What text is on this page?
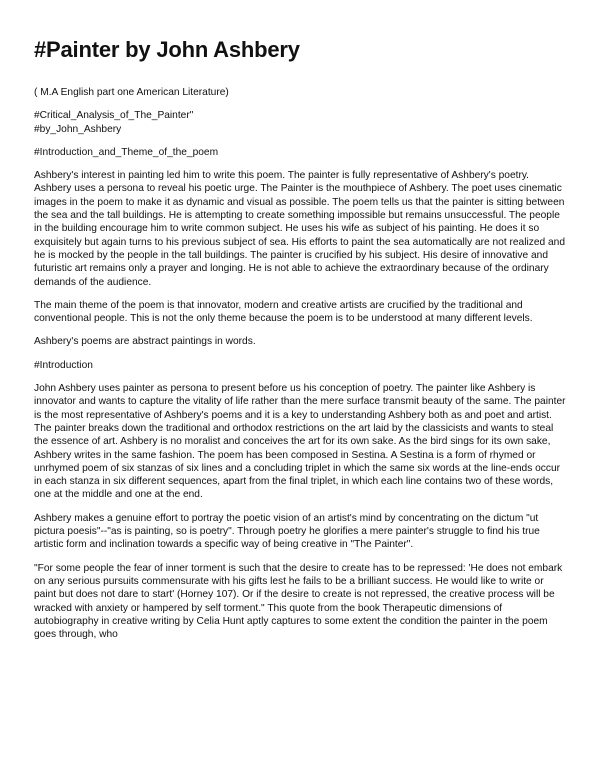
#Painter by John Ashbery

( M.A English part one American Literature)

#Critical_Analysis_of_The_Painter"

#by_John_Ashbery

#Introduction_and_Theme_of_the_poem

Ashbery's interest in painting led him to write this poem. The painter is fully representative of Ashbery's poetry. Ashbery uses a persona to reveal his poetic urge. The Painter is the mouthpiece of Ashbery. The poet uses cinematic images in the poem to make it as dynamic and visual as possible. The poem tells us that the painter is sitting between the sea and the tall buildings. He is attempting to create something impossible but remains unsuccessful. The people in the building encourage him to write common subject. He uses his wife as subject of his painting. He does it so exquisitely but again turns to his previous subject of sea. His efforts to paint the sea automatically are not realized and he is mocked by the people in the tall buildings. The painter is crucified by his subject. His desire of innovative and futuristic art remains only a prayer and longing. He is not able to achieve the extraordinary because of the ordinary demands of the audience.

The main theme of the poem is that innovator, modern and creative artists are crucified by the traditional and conventional people. This is not the only theme because the poem is to be understood at many different levels.

Ashbery's poems are abstract paintings in words.

#Introduction

John Ashbery uses painter as persona to present before us his conception of poetry. The painter like Ashbery is innovator and wants to capture the vitality of life rather than the mere surface transmit beauty of the same. The painter is the most representative of Ashbery's poems and it is a key to understanding Ashbery both as and poet and artist. The painter breaks down the traditional and orthodox restrictions on the art laid by the classicists and wants to steal the essence of art. Ashbery is no moralist and conceives the art for its own sake. As the bird sings for its own sake, Ashbery writes in the same fashion. The poem has been composed in Sestina. A Sestina is a form of rhymed or unrhymed poem of six stanzas of six lines and a concluding triplet in which the same six words at the line-ends occur in each stanza in six different sequences, apart from the final triplet, in which each line contains two of these words, one at the middle and one at the end.

Ashbery makes a genuine effort to portray the poetic vision of an artist's mind by concentrating on the dictum "ut pictura poesis"--"as is painting, so is poetry". Through poetry he glorifies a mere painter's struggle to find his true artistic form and inclination towards a specific way of being creative in "The Painter".

"For some people the fear of inner torment is such that the desire to create has to be repressed: 'He does not embark on any serious pursuits commensurate with his gifts lest he fails to be a brilliant success. He would like to write or paint but does not dare to start' (Horney 107). Or if the desire to create is not repressed, the creative process will be wracked with anxiety or hampered by self torment." This quote from the book Therapeutic dimensions of autobiography in creative writing by Celia Hunt aptly captures to some extent the condition the painter in the poem goes through, who
